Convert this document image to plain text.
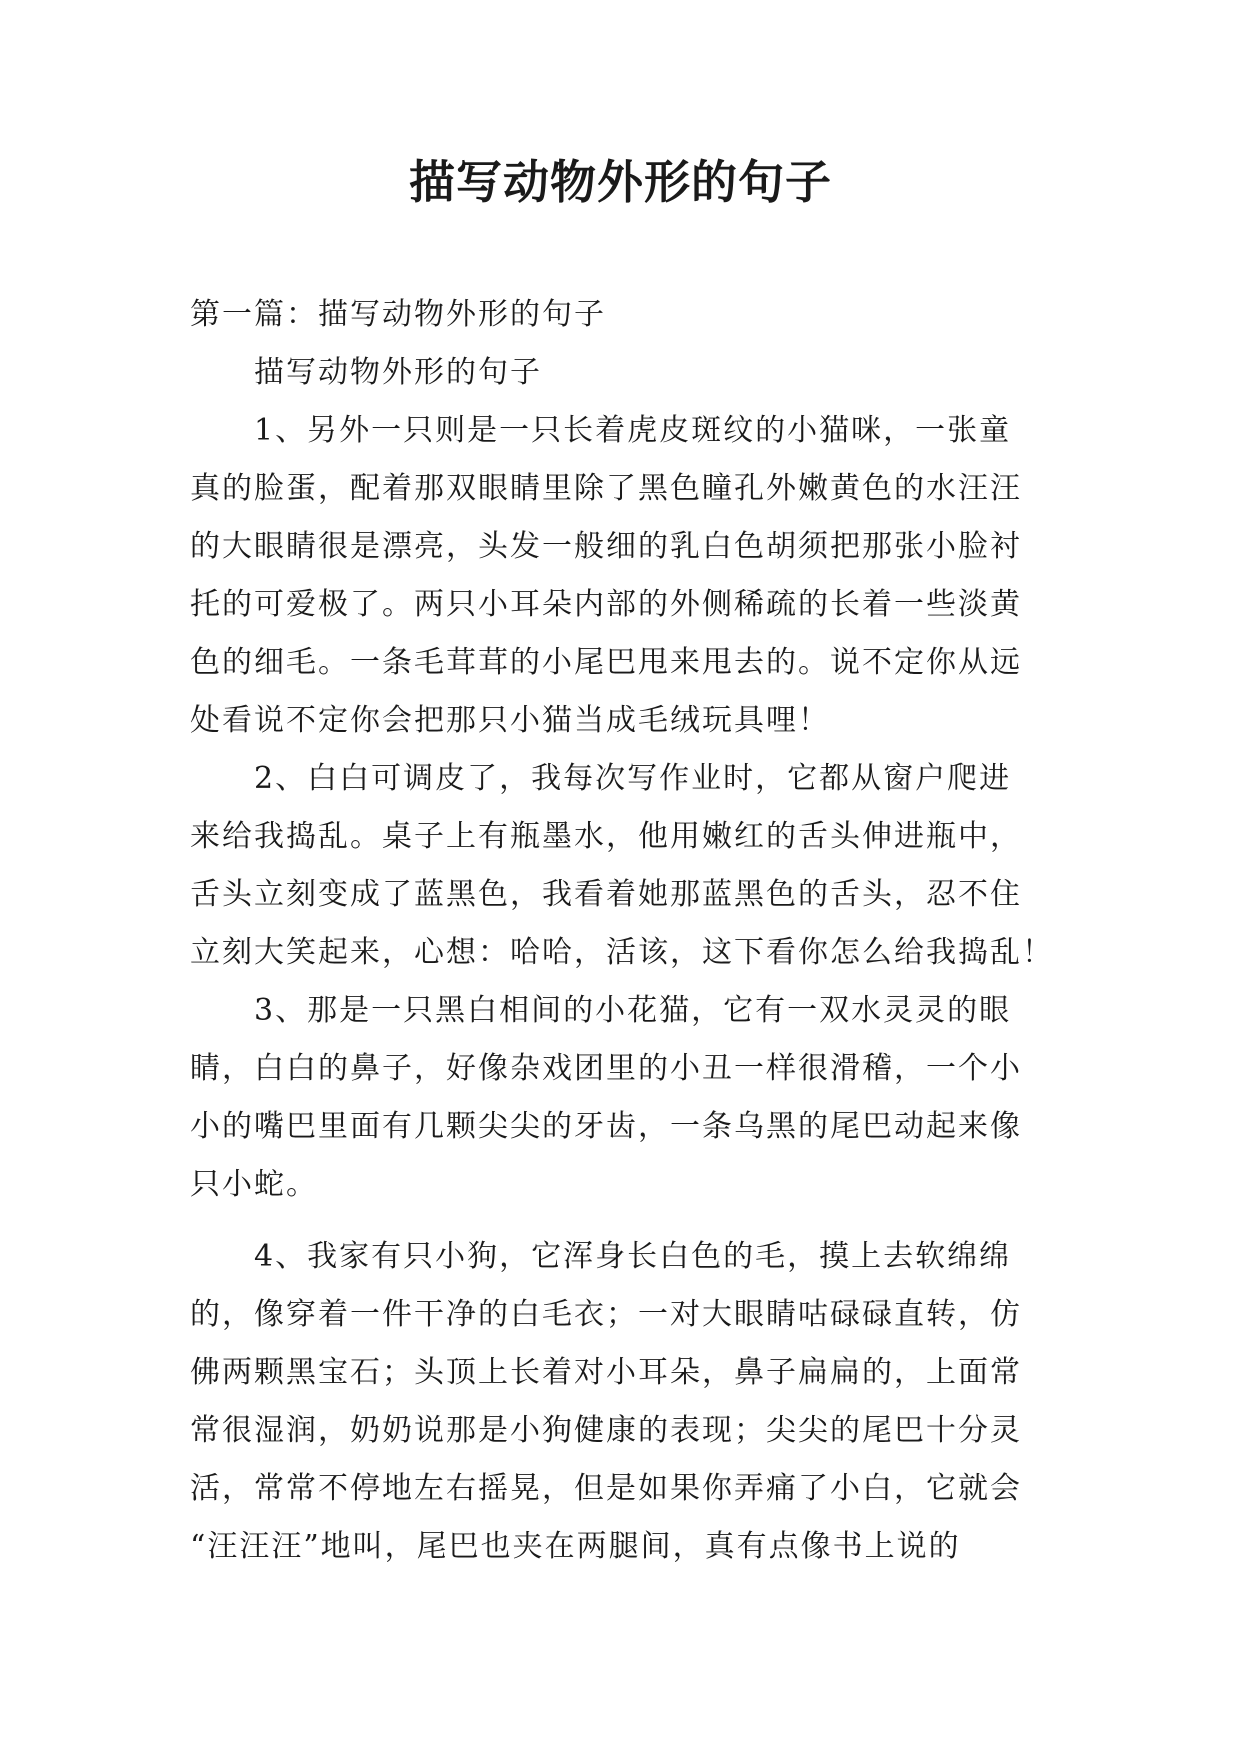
描写动物外形的句子
第一篇：描写动物外形的句子
描写动物外形的句子
1、另外一只则是一只长着虎皮斑纹的小猫咪，一张童
真的脸蛋，配着那双眼睛里除了黑色瞳孔外嫩黄色的水汪汪
的大眼睛很是漂亮，头发一般细的乳白色胡须把那张小脸衬
托的可爱极了。两只小耳朵内部的外侧稀疏的长着一些淡黄
色的细毛。一条毛茸茸的小尾巴甩来甩去的。说不定你从远
处看说不定你会把那只小猫当成毛绒玩具哩！
2、白白可调皮了，我每次写作业时，它都从窗户爬进
来给我捣乱。桌子上有瓶墨水，他用嫩红的舌头伸进瓶中，
舌头立刻变成了蓝黑色，我看着她那蓝黑色的舌头，忍不住
立刻大笑起来，心想：哈哈，活该，这下看你怎么给我捣乱！
3、那是一只黑白相间的小花猫，它有一双水灵灵的眼
睛，白白的鼻子，好像杂戏团里的小丑一样很滑稽，一个小
小的嘴巴里面有几颗尖尖的牙齿，一条乌黑的尾巴动起来像
只小蛇。
4、我家有只小狗，它浑身长白色的毛，摸上去软绵绵
的，像穿着一件干净的白毛衣；一对大眼睛咕碌碌直转，仿
佛两颗黑宝石；头顶上长着对小耳朵，鼻子扁扁的，上面常
常很湿润，奶奶说那是小狗健康的表现；尖尖的尾巴十分灵
活，常常不停地左右摇晃，但是如果你弄痛了小白，它就会
“汪汪汪”地叫，尾巴也夹在两腿间，真有点像书上说的
